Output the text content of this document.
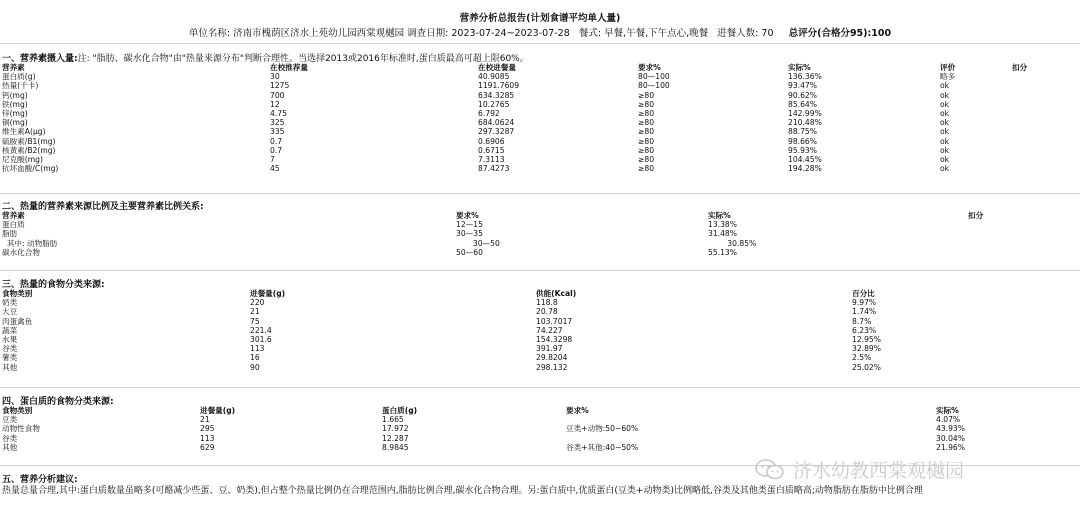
营养分析总报告(计划食谱平均单人量)
单位名称: 济南市槐荫区济水上苑幼儿园西棠观樾园 调查日期: 2023-07-24~2023-07-28 餐式: 早餐,午餐,下午点心,晚餐 进餐人数: 70 总评分(合格分95):100
一、营养素摄入量:注: "脂肪、碳水化合物"由"热量来源分布"判断合理性。当选择2013或2016年标准时,蛋白质最高可超上限60%。
营养素	在校推荐量	在校进餐量	要求%	实际%	评价	扣分
蛋白质(g)	30	40.9085	80—100	136.36%	略多	
热量(千卡)	1275	1191.7609	80—100	93.47%	ok	
钙(mg)	700	634.3285	≥80	90.62%	ok	
铁(mg)	12	10.2765	≥80	85.64%	ok	
锌(mg)	4.75	6.792	≥80	142.99%	ok	
铜(mg)	325	684.0624	≥80	210.48%	ok	
维生素A(μg)	335	297.3287	≥80	88.75%	ok	
硫胺素/B1(mg)	0.7	0.6906	≥80	98.66%	ok	
核黄素/B2(mg)	0.7	0.6715	≥80	95.93%	ok	
尼克酸(mg)	7	7.3113	≥80	104.45%	ok	
抗坏血酸/C(mg)	45	87.4273	≥80	194.28%	ok	
二、热量的营养素来源比例及主要营养素比例关系:
营养素	要求%	实际%	扣分
蛋白质	12—15	13.38%	
脂肪	30—35	31.48%	
其中: 动物脂肪	30—50	30.85%	
碳水化合物	50—60	55.13%	
三、热量的食物分类来源:
食物类别	进餐量(g)	供能(Kcal)	百分比
奶类	220	118.8	9.97%
大豆	21	20.78	1.74%
肉蛋禽鱼	75	103.7017	8.7%
蔬菜	221.4	74.227	6.23%
水果	301.6	154.3298	12.95%
谷类	113	391.97	32.89%
薯类	16	29.8204	2.5%
其他	90	298.132	25.02%
四、蛋白质的食物分类来源:
食物类别	进餐量(g)	蛋白质(g)	要求%	实际%
豆类	21	1.665		4.07%
动物性食物	295	17.972	豆类+动物:50~60%	43.93%
谷类	113	12.287		30.04%
其他	629	8.9845	谷类+其他:40~50%	21.96%
五、营养分析建议:
热量总量合理,其中:蛋白质数量虽略多(可酪减少些蛋、豆、奶类),但占整个热量比例仍在合理范围内,脂肪比例合理,碳水化合物合理。另:蛋白质中,优质蛋白(豆类+动物类)比例略低,谷类及其他类蛋白质略高;动物脂肪在脂肪中比例合理
济水幼教西棠观樾园
